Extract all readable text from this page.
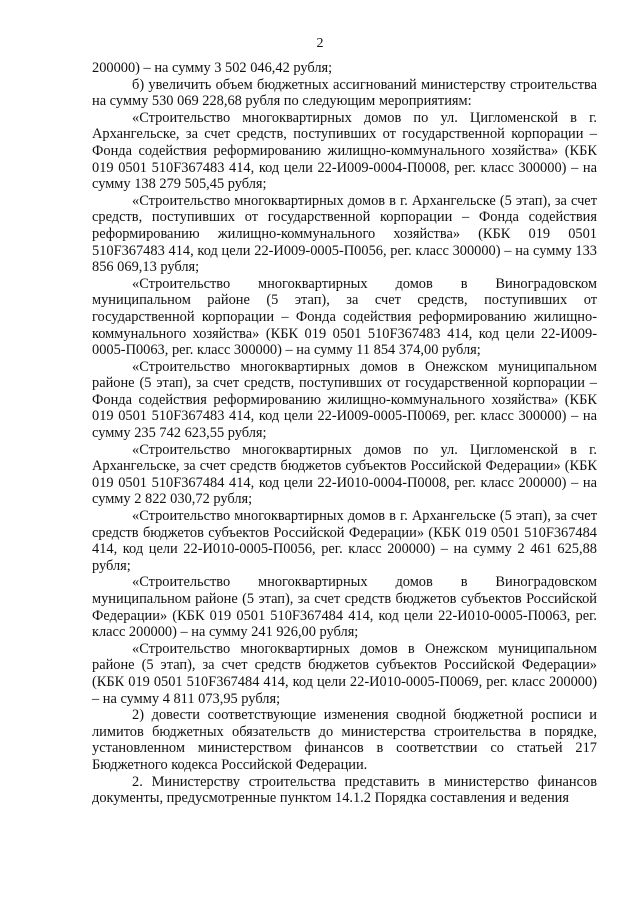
2

200000) – на сумму 3 502 046,42 рубля;

б) увеличить объем бюджетных ассигнований министерству строительства на сумму 530 069 228,68 рубля по следующим мероприятиям:

«Строительство многоквартирных домов по ул. Цигломенской в г. Архангельске, за счет средств, поступивших от государственной корпорации – Фонда содействия реформированию жилищно-коммунального хозяйства» (КБК 019 0501 510F367483 414, код цели 22-И009-0004-П0008, рег. класс 300000) – на сумму 138 279 505,45 рубля;

«Строительство многоквартирных домов в г. Архангельске (5 этап), за счет средств, поступивших от государственной корпорации – Фонда содействия реформированию жилищно-коммунального хозяйства» (КБК 019 0501 510F367483 414, код цели 22-И009-0005-П0056, рег. класс 300000) – на сумму 133 856 069,13 рубля;

«Строительство многоквартирных домов в Виноградовском муниципальном районе (5 этап), за счет средств, поступивших от государственной корпорации – Фонда содействия реформированию жилищно-коммунального хозяйства» (КБК 019 0501 510F367483 414, код цели 22-И009-0005-П0063, рег. класс 300000) – на сумму 11 854 374,00 рубля;

«Строительство многоквартирных домов в Онежском муниципальном районе (5 этап), за счет средств, поступивших от государственной корпорации – Фонда содействия реформированию жилищно-коммунального хозяйства» (КБК 019 0501 510F367483 414, код цели 22-И009-0005-П0069, рег. класс 300000) – на сумму 235 742 623,55 рубля;

«Строительство многоквартирных домов по ул. Цигломенской в г. Архангельске, за счет средств бюджетов субъектов Российской Федерации» (КБК 019 0501 510F367484 414, код цели 22-И010-0004-П0008, рег. класс 200000) – на сумму 2 822 030,72 рубля;

«Строительство многоквартирных домов в г. Архангельске (5 этап), за счет средств бюджетов субъектов Российской Федерации» (КБК 019 0501 510F367484 414, код цели 22-И010-0005-П0056, рег. класс 200000) – на сумму 2 461 625,88 рубля;

«Строительство многоквартирных домов в Виноградовском муниципальном районе (5 этап), за счет средств бюджетов субъектов Российской Федерации» (КБК 019 0501 510F367484 414, код цели 22-И010-0005-П0063, рег. класс 200000) – на сумму 241 926,00 рубля;

«Строительство многоквартирных домов в Онежском муниципальном районе (5 этап), за счет средств бюджетов субъектов Российской Федерации» (КБК 019 0501 510F367484 414, код цели 22-И010-0005-П0069, рег. класс 200000) – на сумму 4 811 073,95 рубля;

2) довести соответствующие изменения сводной бюджетной росписи и лимитов бюджетных обязательств до министерства строительства в порядке, установленном министерством финансов в соответствии со статьей 217 Бюджетного кодекса Российской Федерации.

2. Министерству строительства представить в министерство финансов документы, предусмотренные пунктом 14.1.2 Порядка составления и ведения
